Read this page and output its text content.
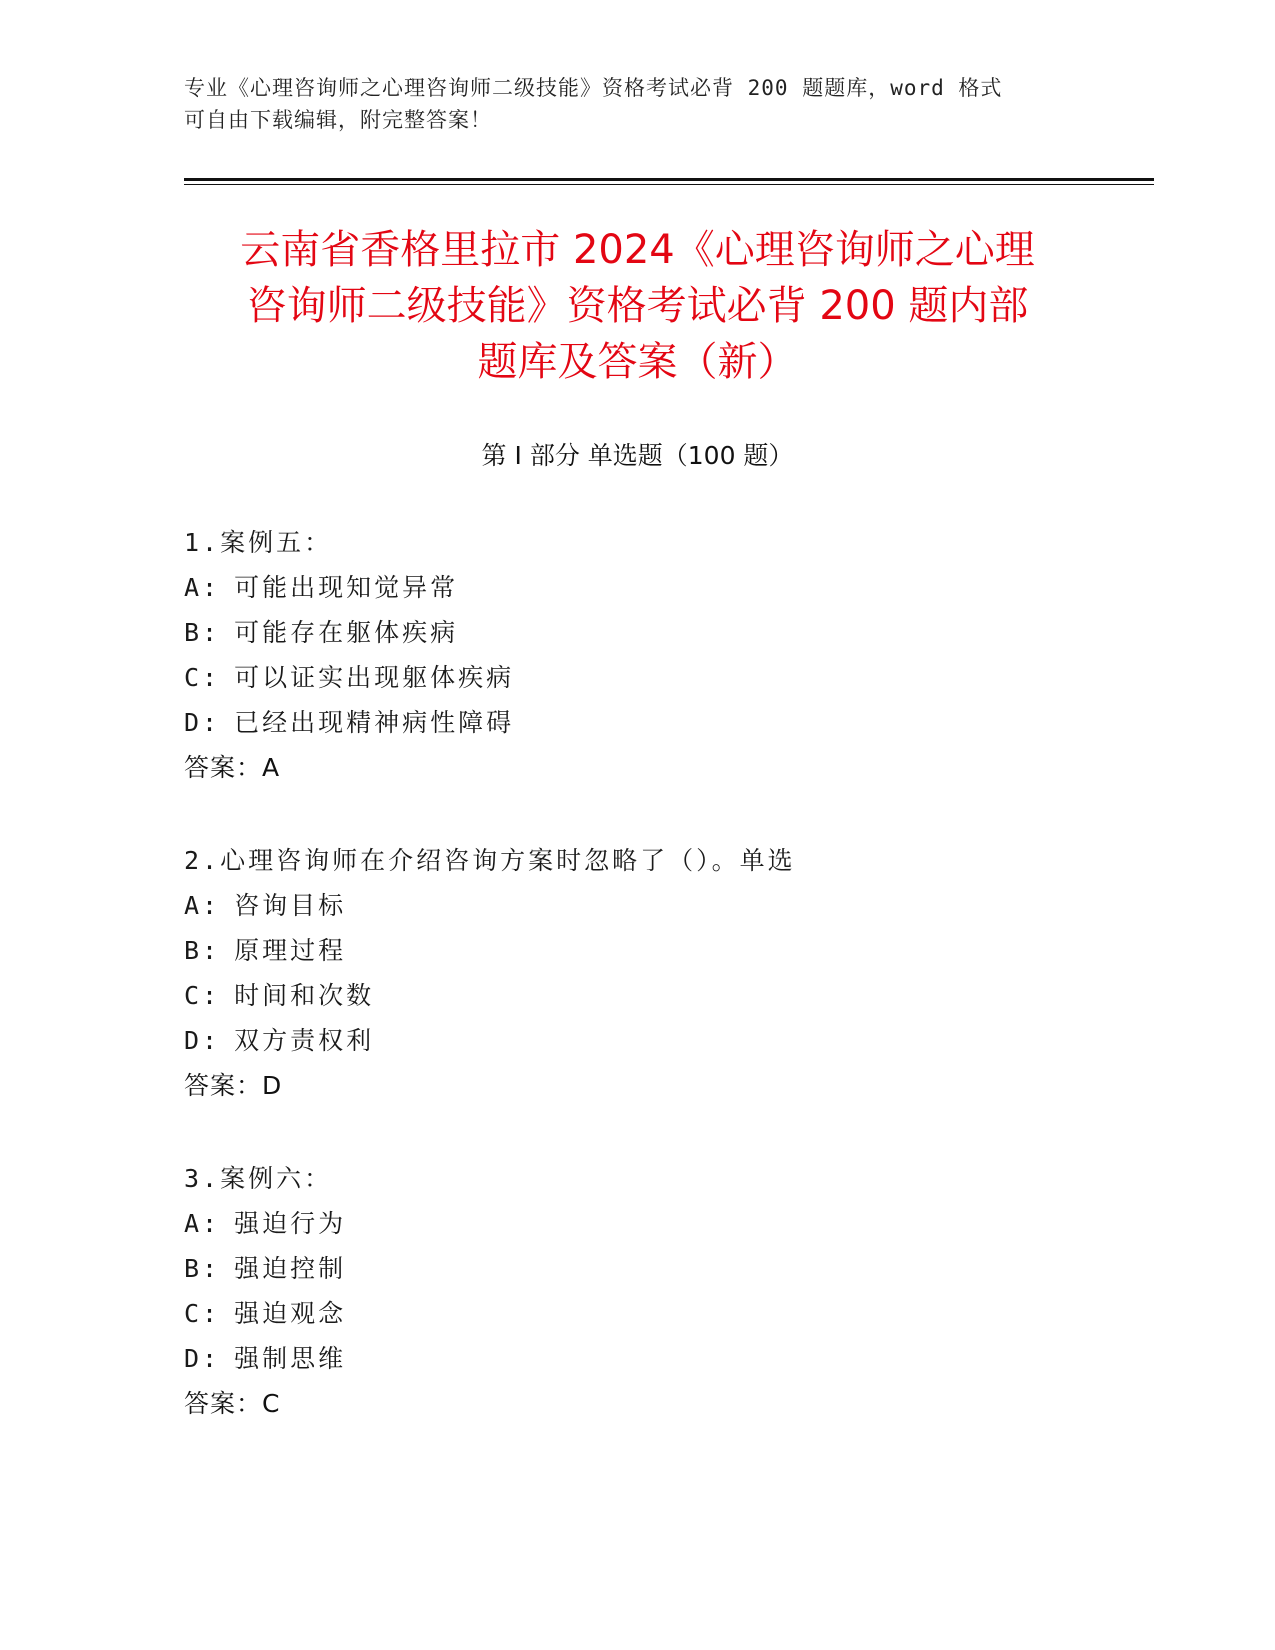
专业《心理咨询师之心理咨询师二级技能》资格考试必背 200 题题库，word 格式
可自由下载编辑，附完整答案！
云南省香格里拉市 2024《心理咨询师之心理
咨询师二级技能》资格考试必背 200 题内部
题库及答案（新）
第 I 部分 单选题（100 题）
1.案例五：
A: 可能出现知觉异常
B: 可能存在躯体疾病
C: 可以证实出现躯体疾病
D: 已经出现精神病性障碍
答案：A
2.心理咨询师在介绍咨询方案时忽略了（）。单选
A: 咨询目标
B: 原理过程
C: 时间和次数
D: 双方责权利
答案：D
3.案例六：
A: 强迫行为
B: 强迫控制
C: 强迫观念
D: 强制思维
答案：C
